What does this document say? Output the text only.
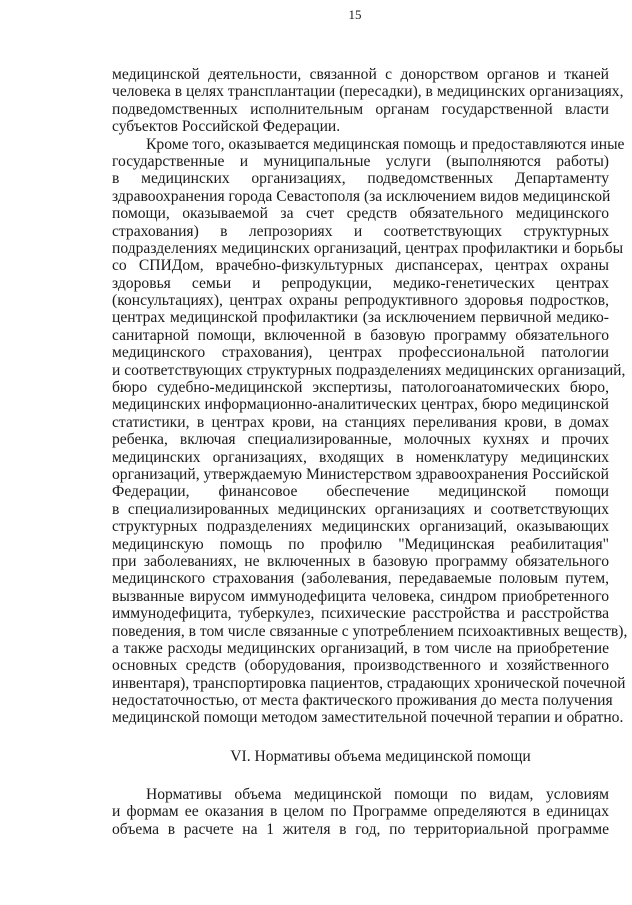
15
медицинской деятельности, связанной с донорством органов и тканей
человека в целях трансплантации (пересадки), в медицинских организациях,
подведомственных исполнительным органам государственной власти
субъектов Российской Федерации.
Кроме того, оказывается медицинская помощь и предоставляются иные
государственные и муниципальные услуги (выполняются работы)
в медицинских организациях, подведомственных Департаменту
здравоохранения города Севастополя (за исключением видов медицинской
помощи, оказываемой за счет средств обязательного медицинского
страхования) в лепрозориях и соответствующих структурных
подразделениях медицинских организаций, центрах профилактики и борьбы
со СПИДом, врачебно-физкультурных диспансерах, центрах охраны
здоровья семьи и репродукции, медико-генетических центрах
(консультациях), центрах охраны репродуктивного здоровья подростков,
центрах медицинской профилактики (за исключением первичной медико-
санитарной помощи, включенной в базовую программу обязательного
медицинского страхования), центрах профессиональной патологии
и соответствующих структурных подразделениях медицинских организаций,
бюро судебно-медицинской экспертизы, патологоанатомических бюро,
медицинских информационно-аналитических центрах, бюро медицинской
статистики, в центрах крови, на станциях переливания крови, в домах
ребенка, включая специализированные, молочных кухнях и прочих
медицинских организациях, входящих в номенклатуру медицинских
организаций, утверждаемую Министерством здравоохранения Российской
Федерации, финансовое обеспечение медицинской помощи
в специализированных медицинских организациях и соответствующих
структурных подразделениях медицинских организаций, оказывающих
медицинскую помощь по профилю "Медицинская реабилитация"
при заболеваниях, не включенных в базовую программу обязательного
медицинского страхования (заболевания, передаваемые половым путем,
вызванные вирусом иммунодефицита человека, синдром приобретенного
иммунодефицита, туберкулез, психические расстройства и расстройства
поведения, в том числе связанные с употреблением психоактивных веществ),
а также расходы медицинских организаций, в том числе на приобретение
основных средств (оборудования, производственного и хозяйственного
инвентаря), транспортировка пациентов, страдающих хронической почечной
недостаточностью, от места фактического проживания до места получения
медицинской помощи методом заместительной почечной терапии и обратно.
VI. Нормативы объема медицинской помощи
Нормативы объема медицинской помощи по видам, условиям
и формам ее оказания в целом по Программе определяются в единицах
объема в расчете на 1 жителя в год, по территориальной программе
